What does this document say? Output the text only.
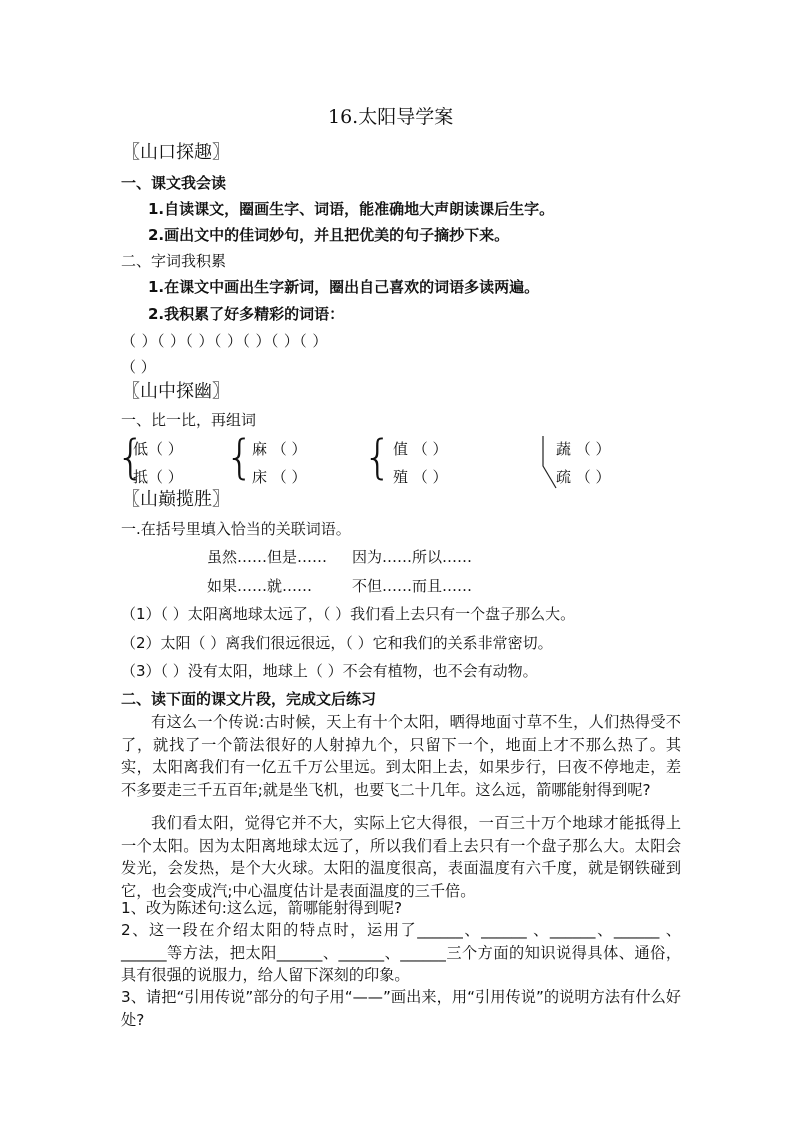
16.太阳导学案
〖山口探趣〗
一、课文我会读
1.自读课文，圈画生字、词语，能准确地大声朗读课后生字。
2.画出文中的佳词妙句，并且把优美的句子摘抄下来。
二、字词我积累
1.在课文中画出生字新词，圈出自己喜欢的词语多读两遍。
2.我积累了好多精彩的词语：
（ ）（ ）（ ）（ ）（ ）（ ）（ ）
（ ）
〖山中探幽〗
一、比一比，再组词
{ { {
低（ ）
抵（ ）
麻 （ ）
床 （ ）
值 （ ）
殖 （ ）
蔬 （ ）
疏 （ ）
〖山巅揽胜〗
一.在括号里填入恰当的关联词语。
虽然……但是…… 因为……所以……
如果……就……	不但……而且……
（1）（ ）太阳离地球太远了，（ ）我们看上去只有一个盘子那么大。
（2）太阳（ ）离我们很远很远，（ ）它和我们的关系非常密切。
（3）（ ）没有太阳，地球上（ ）不会有植物，也不会有动物。
二、读下面的课文片段，完成文后练习
有这么一个传说:古时候，天上有十个太阳，晒得地面寸草不生，人们热得受不了，就找了一个箭法很好的人射掉九个，只留下一个，地面上才不那么热了。其实，太阳离我们有一亿五千万公里远。到太阳上去，如果步行，曰夜不停地走，差不多要走三千五百年;就是坐飞机，也要飞二十几年。这么远，箭哪能射得到呢?
我们看太阳，觉得它并不大，实际上它大得很，一百三十万个地球才能抵得上一个太阳。因为太阳离地球太远了，所以我们看上去只有一个盘子那么大。太阳会发光，会发热，是个大火球。太阳的温度很高，表面温度有六千度，就是钢铁碰到它，也会变成汽;中心温度估计是表面温度的三千倍。
1、改为陈述句:这么远，箭哪能射得到呢?
2、这一段在介绍太阳的特点时，运用了______、______ 、______、______ 、______等方法，把太阳______、______、______三个方面的知识说得具体、通俗，具有很强的说服力，给人留下深刻的印象。
3、请把“引用传说”部分的句子用“——”画出来，用“引用传说”的说明方法有什么好处?
